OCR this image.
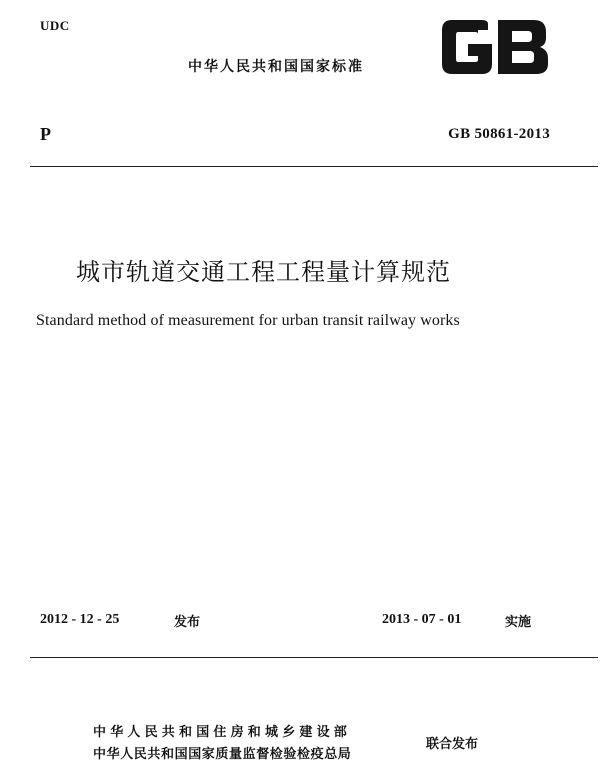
UDC
中华人民共和国国家标准
P	GB 50861-2013
城市轨道交通工程工程量计算规范
Standard method of measurement for urban transit railway works
2012 - 12 - 25	发布	2013 - 07 - 01	实施
中华人民共和国住房和城乡建设部
中华人民共和国国家质量监督检验检疫总局
联合发布
